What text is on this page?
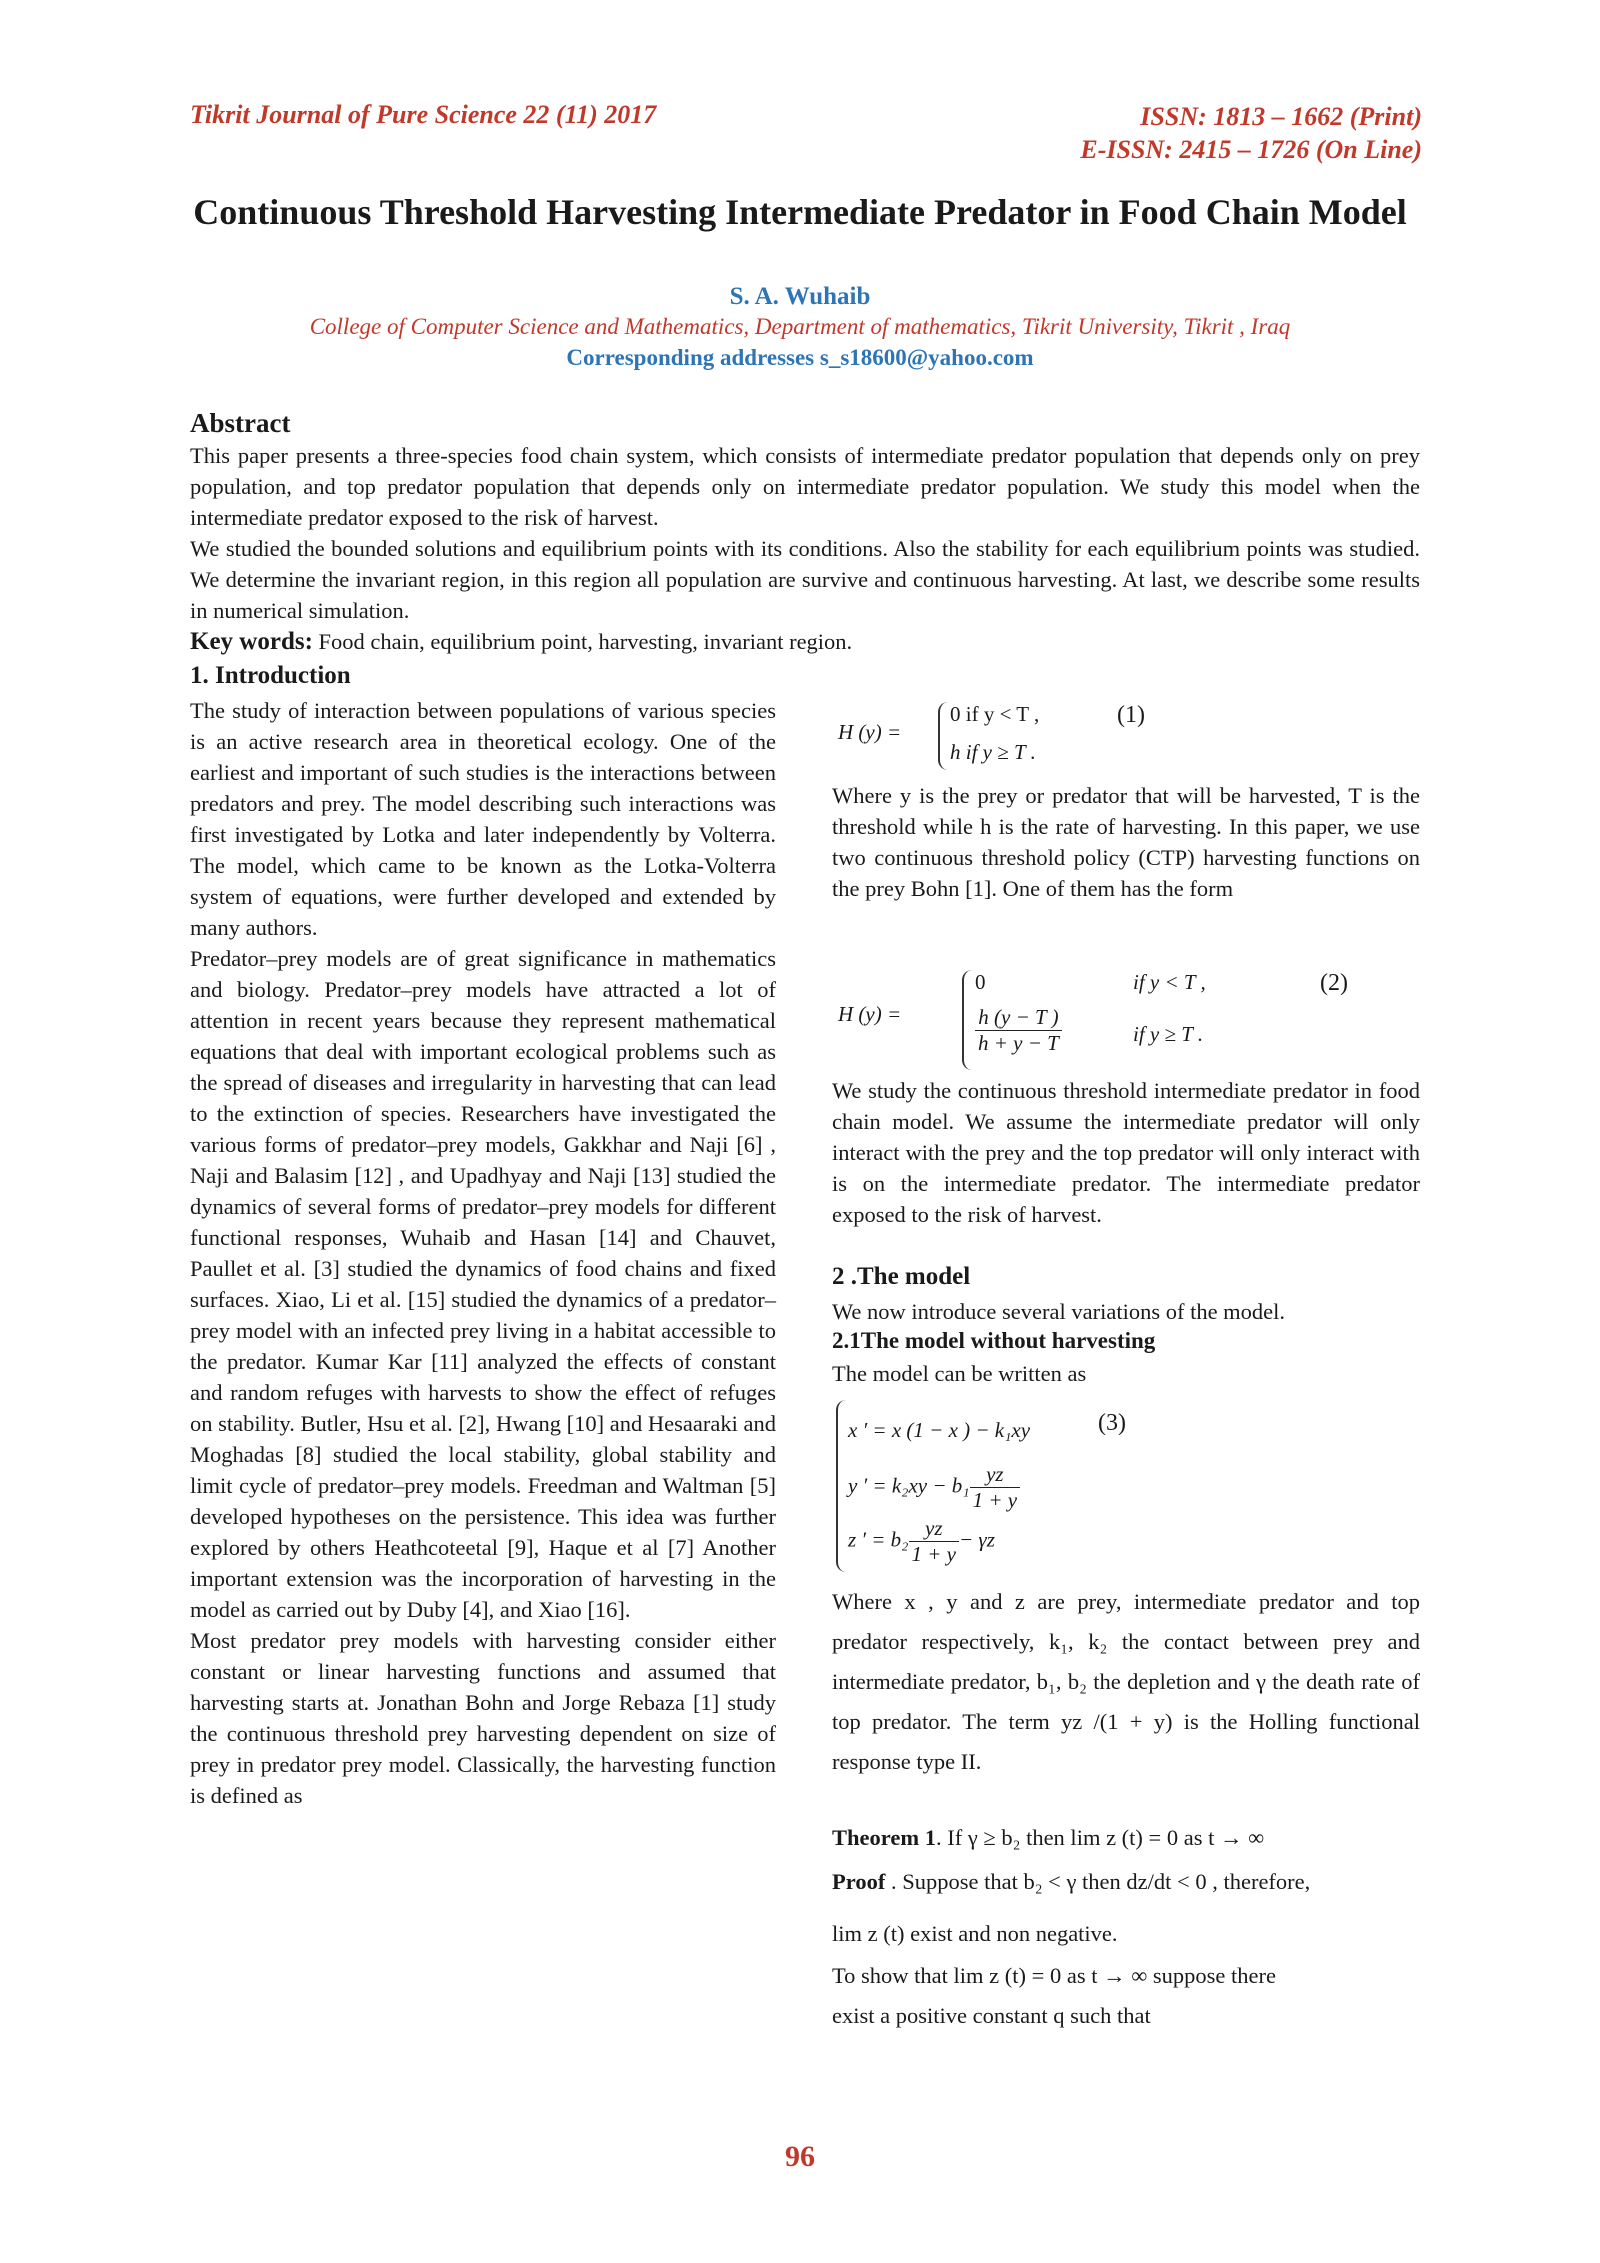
Tikrit Journal of Pure Science 22 (11) 2017	ISSN: 1813 – 1662 (Print)
E-ISSN: 2415 – 1726 (On Line)
Continuous Threshold Harvesting Intermediate Predator in Food Chain Model
S. A. Wuhaib
College of Computer Science and Mathematics, Department of mathematics, Tikrit University, Tikrit , Iraq
Corresponding addresses s_s18600@yahoo.com
Abstract
This paper presents a three-species food chain system, which consists of intermediate predator population that depends only on prey population, and top predator population that depends only on intermediate predator population. We study this model when the intermediate predator exposed to the risk of harvest.
We studied the bounded solutions and equilibrium points with its conditions. Also the stability for each equilibrium points was studied. We determine the invariant region, in this region all population are survive and continuous harvesting. At last, we describe some results in numerical simulation.
Key words: Food chain, equilibrium point, harvesting, invariant region.
1. Introduction

The study of interaction between populations of various species is an active research area in theoretical ecology. One of the earliest and important of such studies is the interactions between predators and prey. The model describing such interactions was first investigated by Lotka and later independently by Volterra. The model, which came to be known as the Lotka-Volterra system of equations, were further developed and extended by many authors.

Predator–prey models are of great significance in mathematics and biology. Predator–prey models have attracted a lot of attention in recent years because they represent mathematical equations that deal with important ecological problems such as the spread of diseases and irregularity in harvesting that can lead to the extinction of species. Researchers have investigated the various forms of predator–prey models, Gakkhar and Naji [6] , Naji and Balasim [12] , and Upadhyay and Naji [13] studied the dynamics of several forms of predator–prey models for different functional responses, Wuhaib and Hasan [14] and Chauvet, Paullet et al. [3] studied the dynamics of food chains and fixed surfaces. Xiao, Li et al. [15] studied the dynamics of a predator–prey model with an infected prey living in a habitat accessible to the predator. Kumar Kar [11] analyzed the effects of constant and random refuges with harvests to show the effect of refuges on stability. Butler, Hsu et al. [2], Hwang [10] and Hesaaraki and Moghadas [8] studied the local stability, global stability and limit cycle of predator–prey models. Freedman and Waltman [5] developed hypotheses on the persistence. This idea was further explored by others Heathcoteetal [9], Haque et al [7] Another important extension was the incorporation of harvesting in the model as carried out by Duby [4], and Xiao [16].

Most predator prey models with harvesting consider either constant or linear harvesting functions and assumed that harvesting starts at. Jonathan Bohn and Jorge Rebaza [1] study the continuous threshold prey harvesting dependent on size of prey in predator prey model. Classically, the harvesting function is defined as

H (y) =
0 if y < T ,
h if y ≥ T .
(1)
Where y is the prey or predator that will be harvested, T is the threshold while h is the rate of harvesting. In this paper, we use two continuous threshold policy (CTP) harvesting functions on the prey Bohn [1]. One of them has the form
H (y) =
0	if y < T ,
$\frac{h (y - T )}{h + y - T}$	if y ≥ T .
(2)
We study the continuous threshold intermediate predator in food chain model. We assume the intermediate predator will only interact with the prey and the top predator will only interact with is on the intermediate predator. The intermediate predator exposed to the risk of harvest.
2 .The model
We now introduce several variations of the model.
2.1The model without harvesting
The model can be written as
x ′ = x (1 − x ) − k₁xy	(3)
y ′ = $k_2xy - b_1 \frac{yz}{1 + y}$
z ′ = $b_2 \frac{yz}{1 + y} - \gamma z$
Where x , y and z are prey, intermediate predator and top predator respectively, k₁, k₂ the contact between prey and intermediate predator, b₁, b₂ the depletion and γ the death rate of top predator. The term yz /(1 + y) is the Holling functional response type II.
Theorem 1. If γ ≥ b₂ then lim z (t) = 0 as t → ∞
Proof . Suppose that b₂ < γ then dz/dt < 0 , therefore,
lim z (t) exist and non negative.
To show that lim z (t) = 0 as t → ∞ suppose there
exist a positive constant q such that
96
